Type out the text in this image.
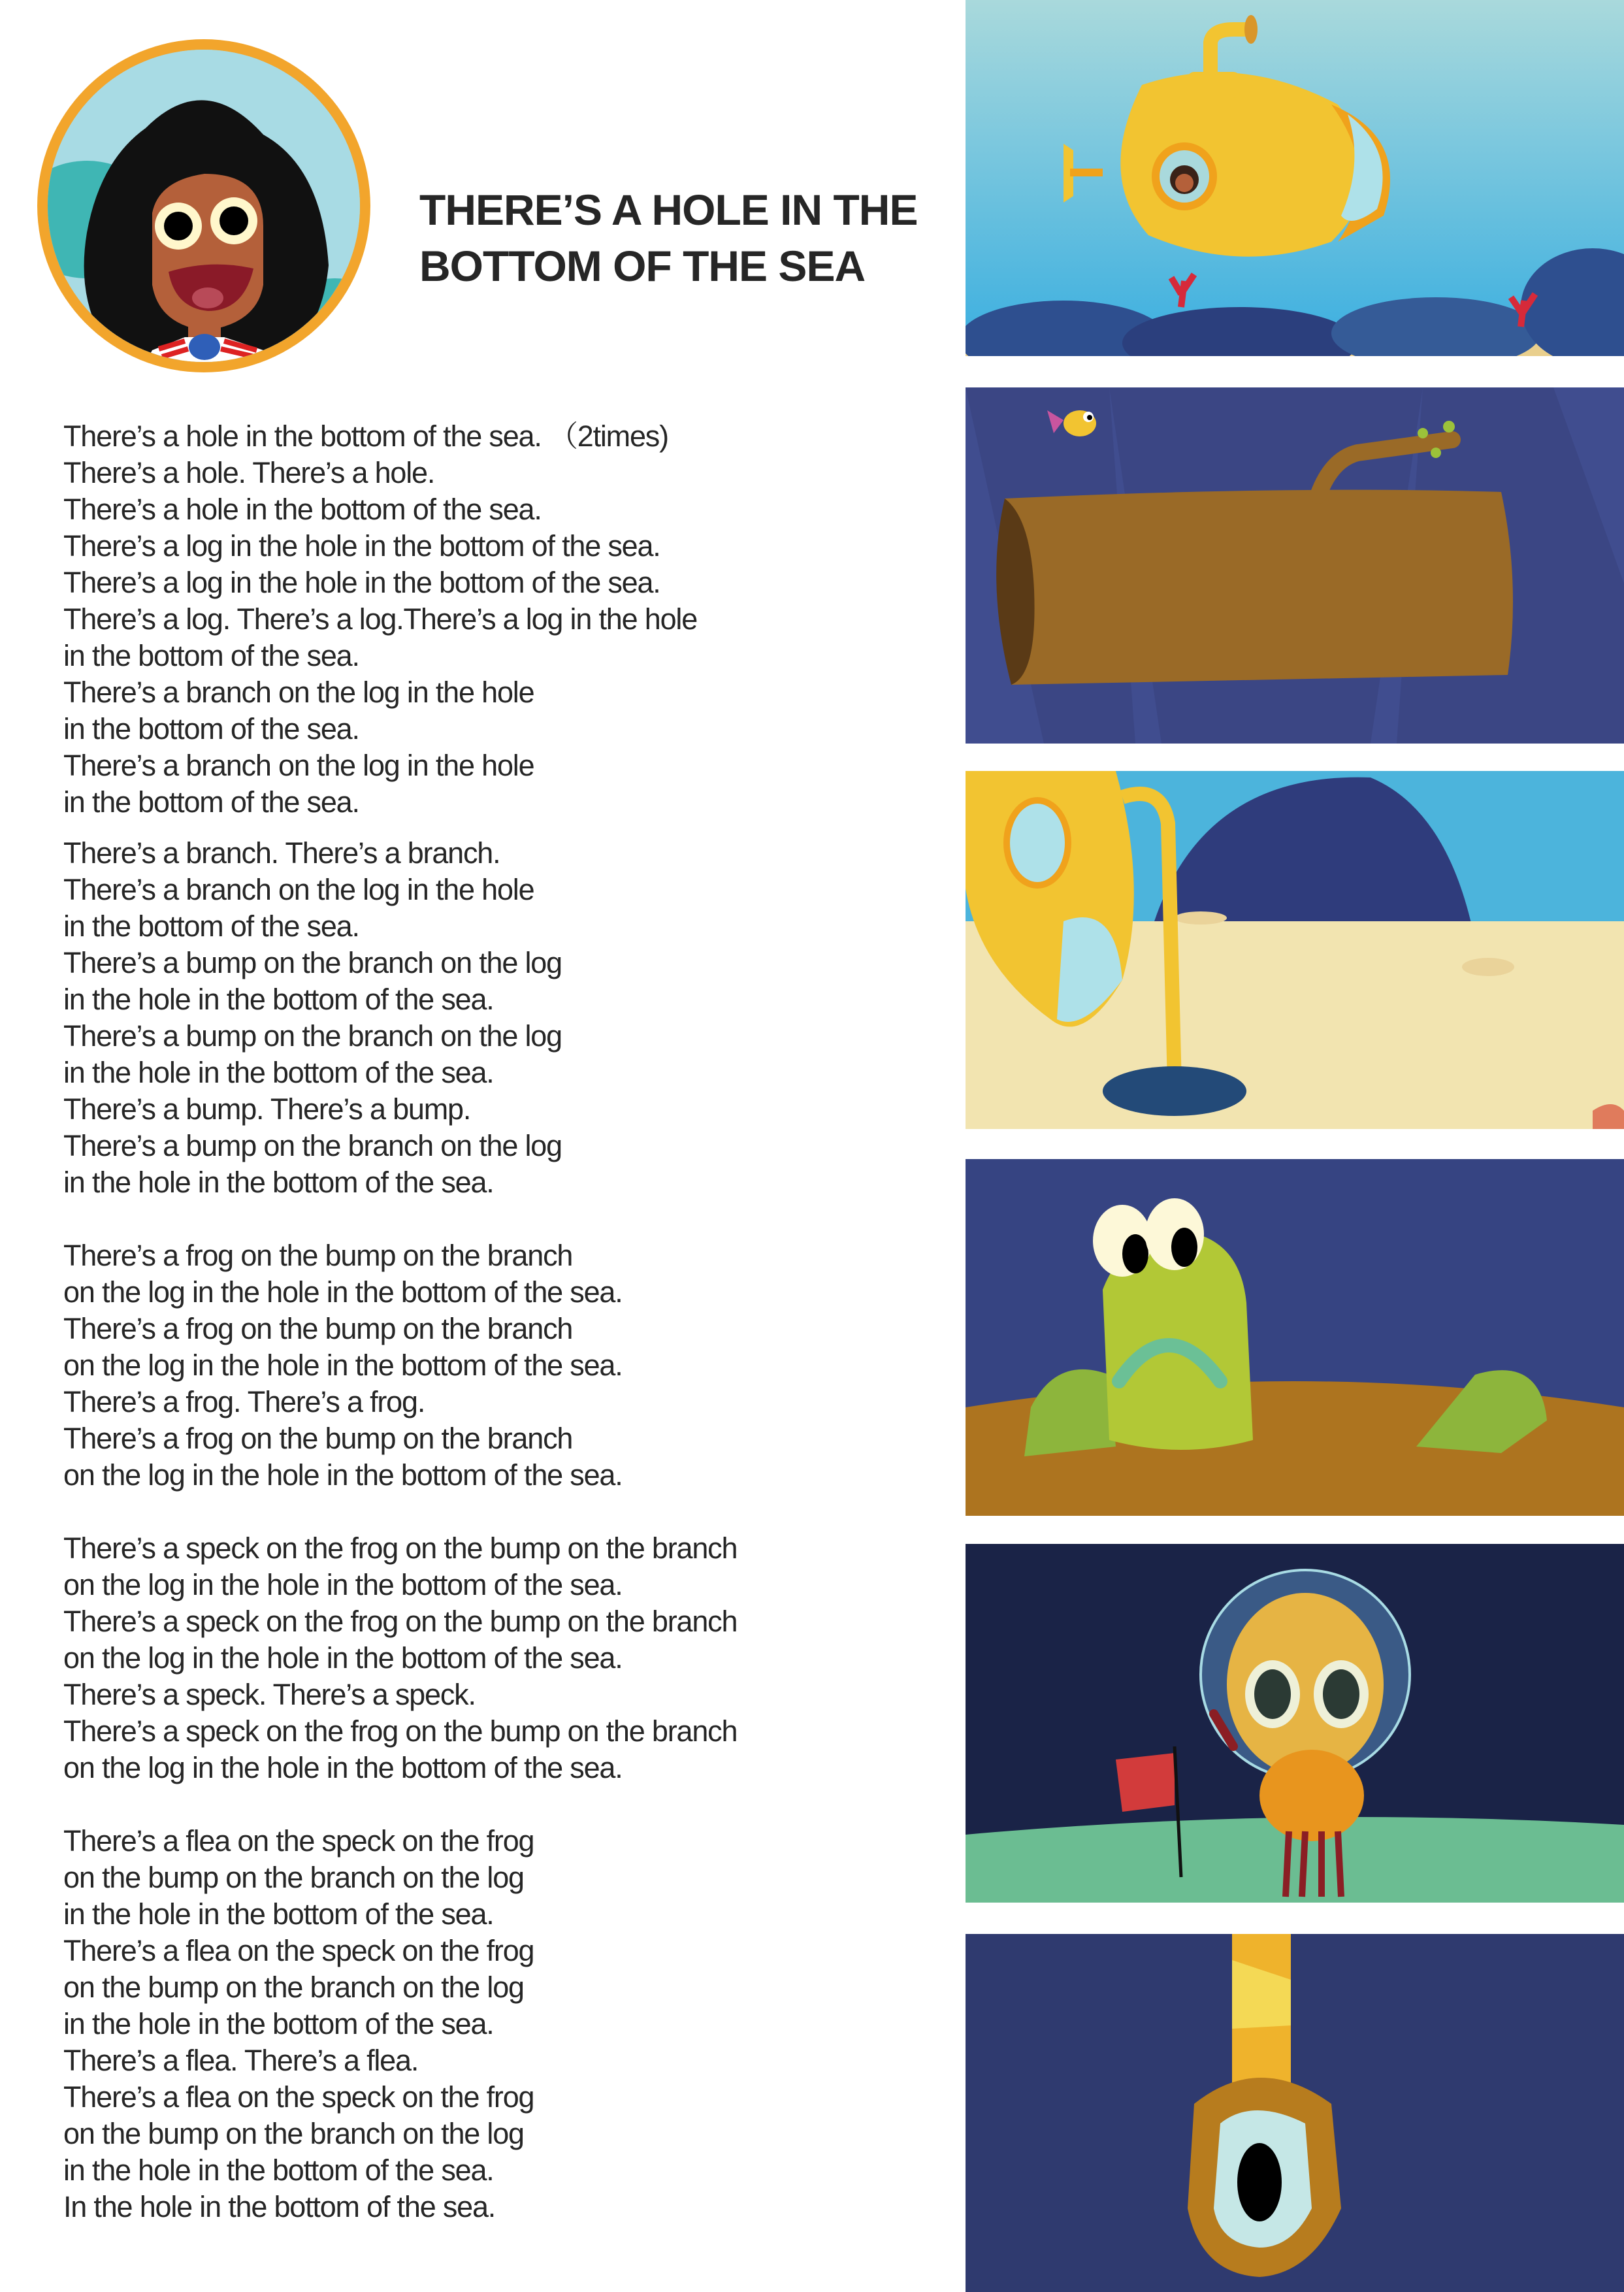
THERE’S A HOLE IN THE
BOTTOM OF THE SEA
There’s a hole in the bottom of the sea. （2times)
There’s a hole. There’s a hole.
There’s a hole in the bottom of the sea.
There’s a log in the hole in the bottom of the sea.
There’s a log in the hole in the bottom of the sea.
There’s a log. There’s a log.There’s a log in the hole
in the bottom of the sea.
There’s a branch on the log in the hole
in the bottom of the sea.
There’s a branch on the log in the hole
in the bottom of the sea.
There’s a branch. There’s a branch.
There’s a branch on the log in the hole
in the bottom of the sea.
There’s a bump on the branch on the log
in the hole in the bottom of the sea.
There’s a bump on the branch on the log
in the hole in the bottom of the sea.
There’s a bump. There’s a bump.
There’s a bump on the branch on the log
in the hole in the bottom of the sea.
There’s a frog on the bump on the branch
on the log in the hole in the bottom of the sea.
There’s a frog on the bump on the branch
on the log in the hole in the bottom of the sea.
There’s a frog. There’s a frog.
There’s a frog on the bump on the branch
on the log in the hole in the bottom of the sea.
There’s a speck on the frog on the bump on the branch
on the log in the hole in the bottom of the sea.
There’s a speck on the frog on the bump on the branch
on the log in the hole in the bottom of the sea.
There’s a speck. There’s a speck.
There’s a speck on the frog on the bump on the branch
on the log in the hole in the bottom of the sea.
There’s a flea on the speck on the frog
on the bump on the branch on the log
in the hole in the bottom of the sea.
There’s a flea on the speck on the frog
on the bump on the branch on the log
in the hole in the bottom of the sea.
There’s a flea. There’s a flea.
There’s a flea on the speck on the frog
on the bump on the branch on the log
in the hole in the bottom of the sea.
In the hole in the bottom of the sea.
